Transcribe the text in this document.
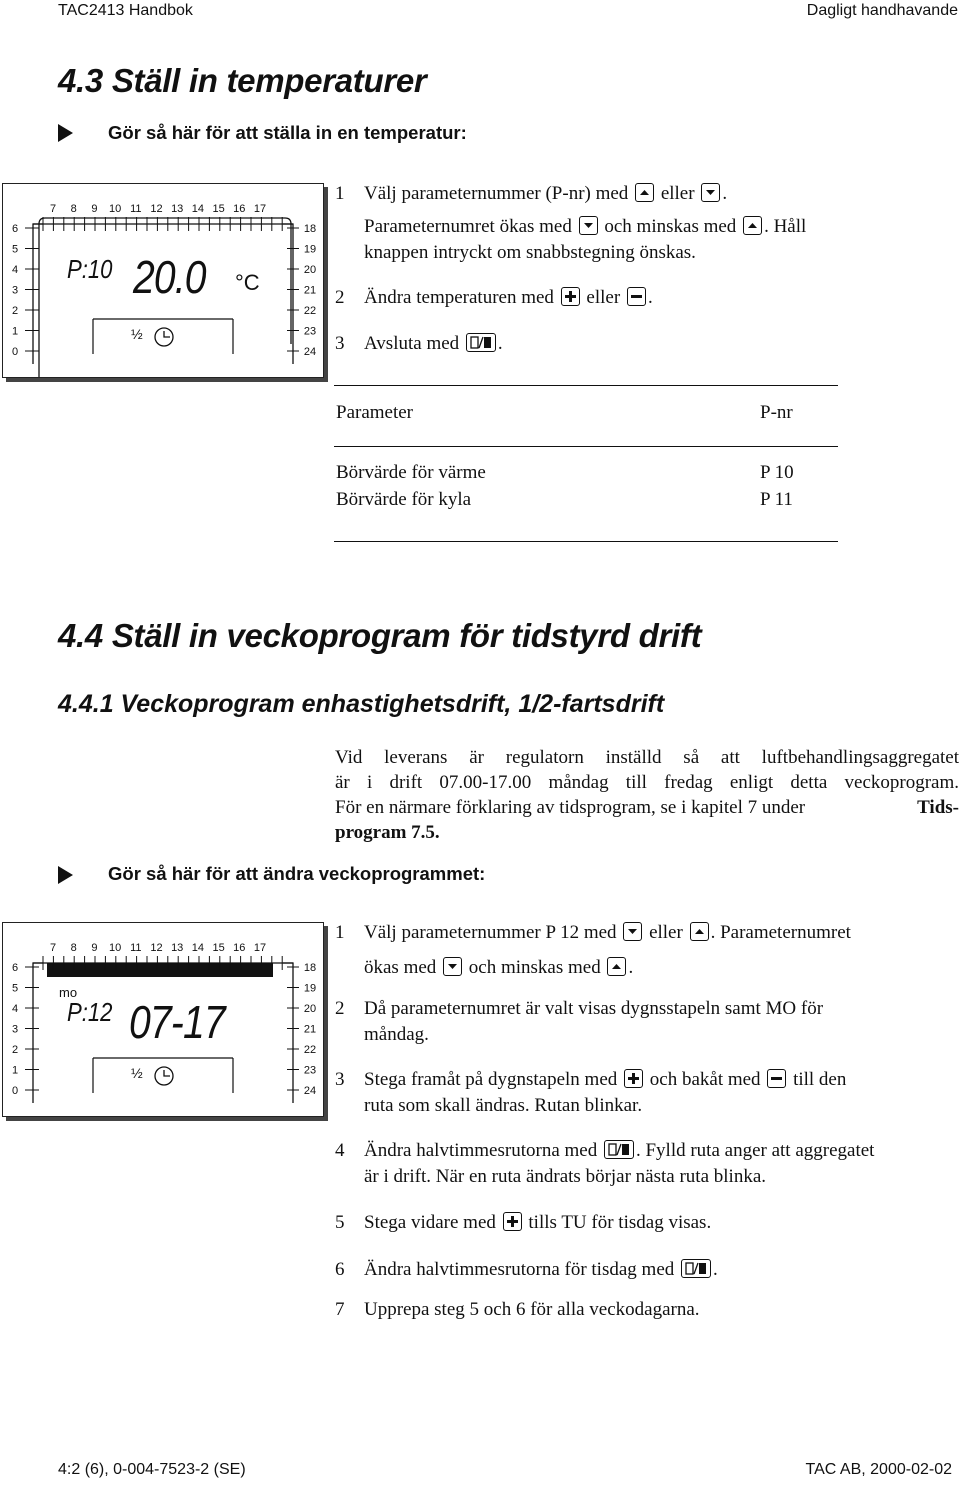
TAC2413 Handbok	Dagligt handhavande
4.3 Ställ in temperaturer
Gör så här för att ställa in en temperatur:
7 8 9 10 11 12 13 14 15 16 17
6
5
4
3
2
1
0
18
19
20
21
22
23
24
P:10 20.0 °C
½
1 Välj parameternummer (P-nr) med eller .
Parameternumret ökas med och minskas med . Håll
knappen intryckt om snabbstegning önskas.
2 Ändra temperaturen med eller .
3 Avsluta med .
Parameter	P-nr
Börvärde för värme	P 10
Börvärde för kyla	P 11
4.4 Ställ in veckoprogram för tidstyrd drift
4.4.1 Veckoprogram enhastighetsdrift, 1/2-fartsdrift
Vid leverans är regulatorn inställd så att luftbehandlingsaggregatet
är i drift 07.00-17.00 måndag till fredag enligt detta veckoprogram.
För en närmare förklaring av tidsprogram, se i kapitel 7 under	Tids-
program 7.5.
Gör så här för att ändra veckoprogrammet:
7 8 9 10 11 12 13 14 15 16 17
6
5
4
3
2
1
0
18
19
20
21
22
23
24
mo
P:12 07-17
½
1 Välj parameternummer P 12 med eller . Parameternumret
ökas med och minskas med .
2 Då parameternumret är valt visas dygnsstapeln samt MO för
måndag.
3 Stega framåt på dygnstapeln med och bakåt med till den
ruta som skall ändras. Rutan blinkar.
4 Ändra halvtimmesrutorna med . Fylld ruta anger att aggregatet
är i drift. När en ruta ändrats börjar nästa ruta blinka.
5 Stega vidare med tills TU för tisdag visas.
6 Ändra halvtimmesrutorna för tisdag med .
7 Upprepa steg 5 och 6 för alla veckodagarna.
4:2 (6), 0-004-7523-2 (SE)	TAC AB, 2000-02-02
